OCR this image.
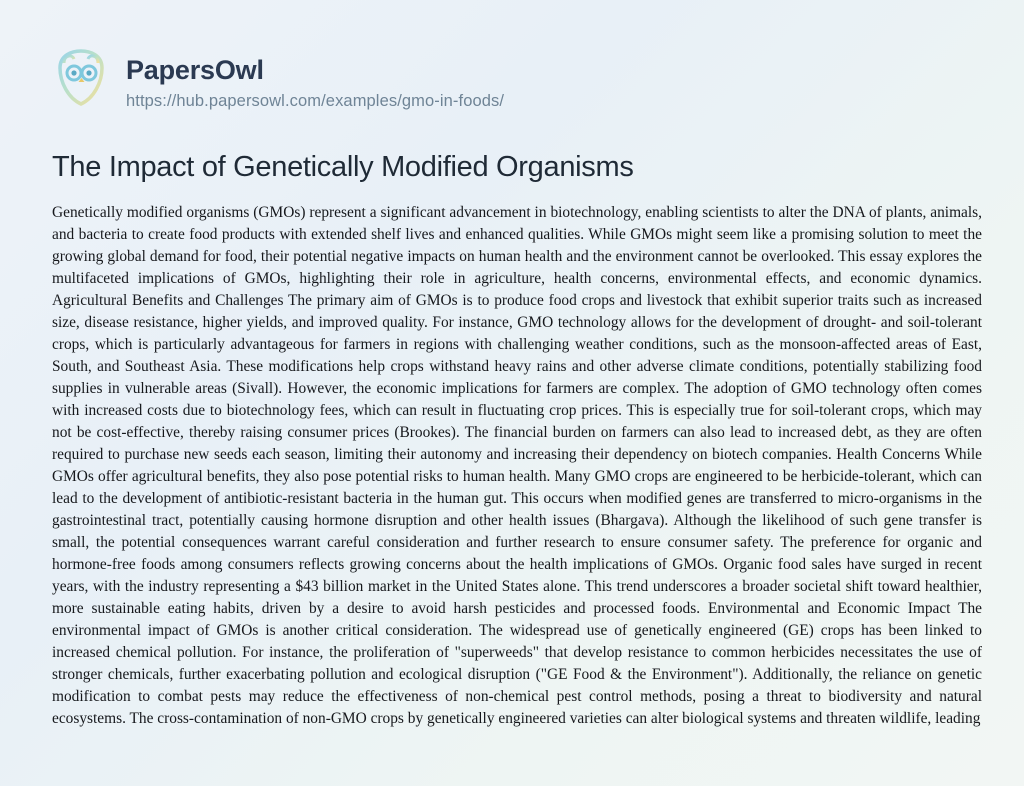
PapersOwl
https://hub.papersowl.com/examples/gmo-in-foods/
The Impact of Genetically Modified Organisms
Genetically modified organisms (GMOs) represent a significant advancement in biotechnology, enabling scientists to alter the DNA of plants, animals, and bacteria to create food products with extended shelf lives and enhanced qualities. While GMOs might seem like a promising solution to meet the growing global demand for food, their potential negative impacts on human health and the environment cannot be overlooked. This essay explores the multifaceted implications of GMOs, highlighting their role in agriculture, health concerns, environmental effects, and economic dynamics. Agricultural Benefits and Challenges The primary aim of GMOs is to produce food crops and livestock that exhibit superior traits such as increased size, disease resistance, higher yields, and improved quality. For instance, GMO technology allows for the development of drought- and soil-tolerant crops, which is particularly advantageous for farmers in regions with challenging weather conditions, such as the monsoon-affected areas of East, South, and Southeast Asia. These modifications help crops withstand heavy rains and other adverse climate conditions, potentially stabilizing food supplies in vulnerable areas (Sivall). However, the economic implications for farmers are complex. The adoption of GMO technology often comes with increased costs due to biotechnology fees, which can result in fluctuating crop prices. This is especially true for soil-tolerant crops, which may not be cost-effective, thereby raising consumer prices (Brookes). The financial burden on farmers can also lead to increased debt, as they are often required to purchase new seeds each season, limiting their autonomy and increasing their dependency on biotech companies. Health Concerns While GMOs offer agricultural benefits, they also pose potential risks to human health. Many GMO crops are engineered to be herbicide-tolerant, which can lead to the development of antibiotic-resistant bacteria in the human gut. This occurs when modified genes are transferred to micro-organisms in the gastrointestinal tract, potentially causing hormone disruption and other health issues (Bhargava). Although the likelihood of such gene transfer is small, the potential consequences warrant careful consideration and further research to ensure consumer safety. The preference for organic and hormone-free foods among consumers reflects growing concerns about the health implications of GMOs. Organic food sales have surged in recent years, with the industry representing a $43 billion market in the United States alone. This trend underscores a broader societal shift toward healthier, more sustainable eating habits, driven by a desire to avoid harsh pesticides and processed foods. Environmental and Economic Impact The environmental impact of GMOs is another critical consideration. The widespread use of genetically engineered (GE) crops has been linked to increased chemical pollution. For instance, the proliferation of "superweeds" that develop resistance to common herbicides necessitates the use of stronger chemicals, further exacerbating pollution and ecological disruption ("GE Food & the Environment"). Additionally, the reliance on genetic modification to combat pests may reduce the effectiveness of non-chemical pest control methods, posing a threat to biodiversity and natural ecosystems. The cross-contamination of non-GMO crops by genetically engineered varieties can alter biological systems and threaten wildlife, leading
